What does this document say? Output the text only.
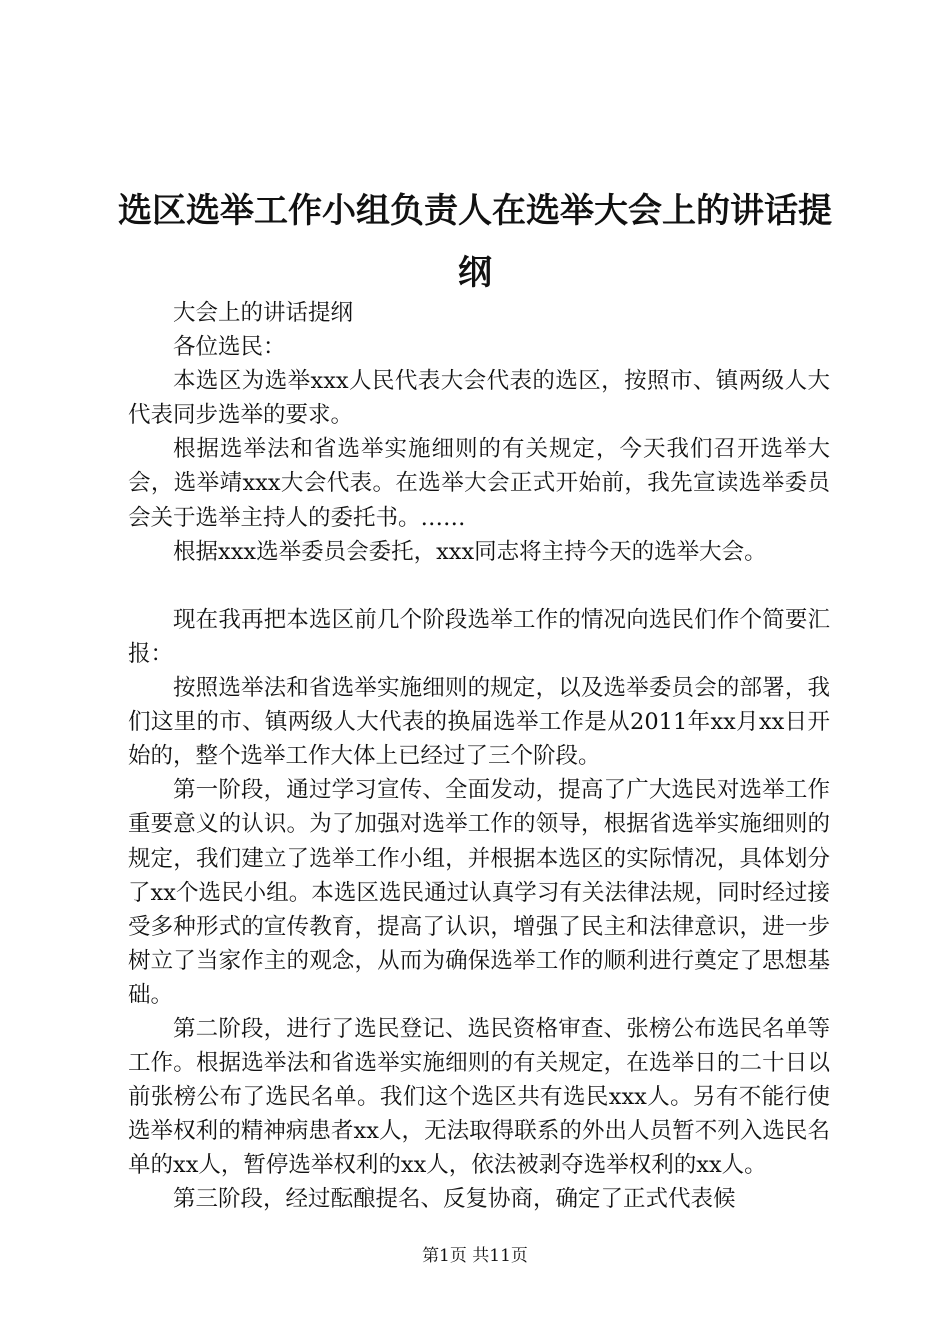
选区选举工作小组负责人在选举大会上的讲话提纲

大会上的讲话提纲

各位选民：

本选区为选举xxx人民代表大会代表的选区，按照市、镇两级人大代表同步选举的要求。

根据选举法和省选举实施细则的有关规定，今天我们召开选举大会，选举靖xxx大会代表。在选举大会正式开始前，我先宣读选举委员会关于选举主持人的委托书。……

根据xxx选举委员会委托，xxx同志将主持今天的选举大会。

现在我再把本选区前几个阶段选举工作的情况向选民们作个简要汇报：

按照选举法和省选举实施细则的规定，以及选举委员会的部署，我们这里的市、镇两级人大代表的换届选举工作是从2011年xx月xx日开始的，整个选举工作大体上已经过了三个阶段。

第一阶段，通过学习宣传、全面发动，提高了广大选民对选举工作重要意义的认识。为了加强对选举工作的领导，根据省选举实施细则的规定，我们建立了选举工作小组，并根据本选区的实际情况，具体划分了xx个选民小组。本选区选民通过认真学习有关法律法规，同时经过接受多种形式的宣传教育，提高了认识，增强了民主和法律意识，进一步树立了当家作主的观念，从而为确保选举工作的顺利进行奠定了思想基础。

第二阶段，进行了选民登记、选民资格审查、张榜公布选民名单等工作。根据选举法和省选举实施细则的有关规定，在选举日的二十日以前张榜公布了选民名单。我们这个选区共有选民xxx人。另有不能行使选举权利的精神病患者xx人，无法取得联系的外出人员暂不列入选民名单的xx人，暂停选举权利的xx人，依法被剥夺选举权利的xx人。

第三阶段，经过酝酿提名、反复协商，确定了正式代表候

第1页 共11页
